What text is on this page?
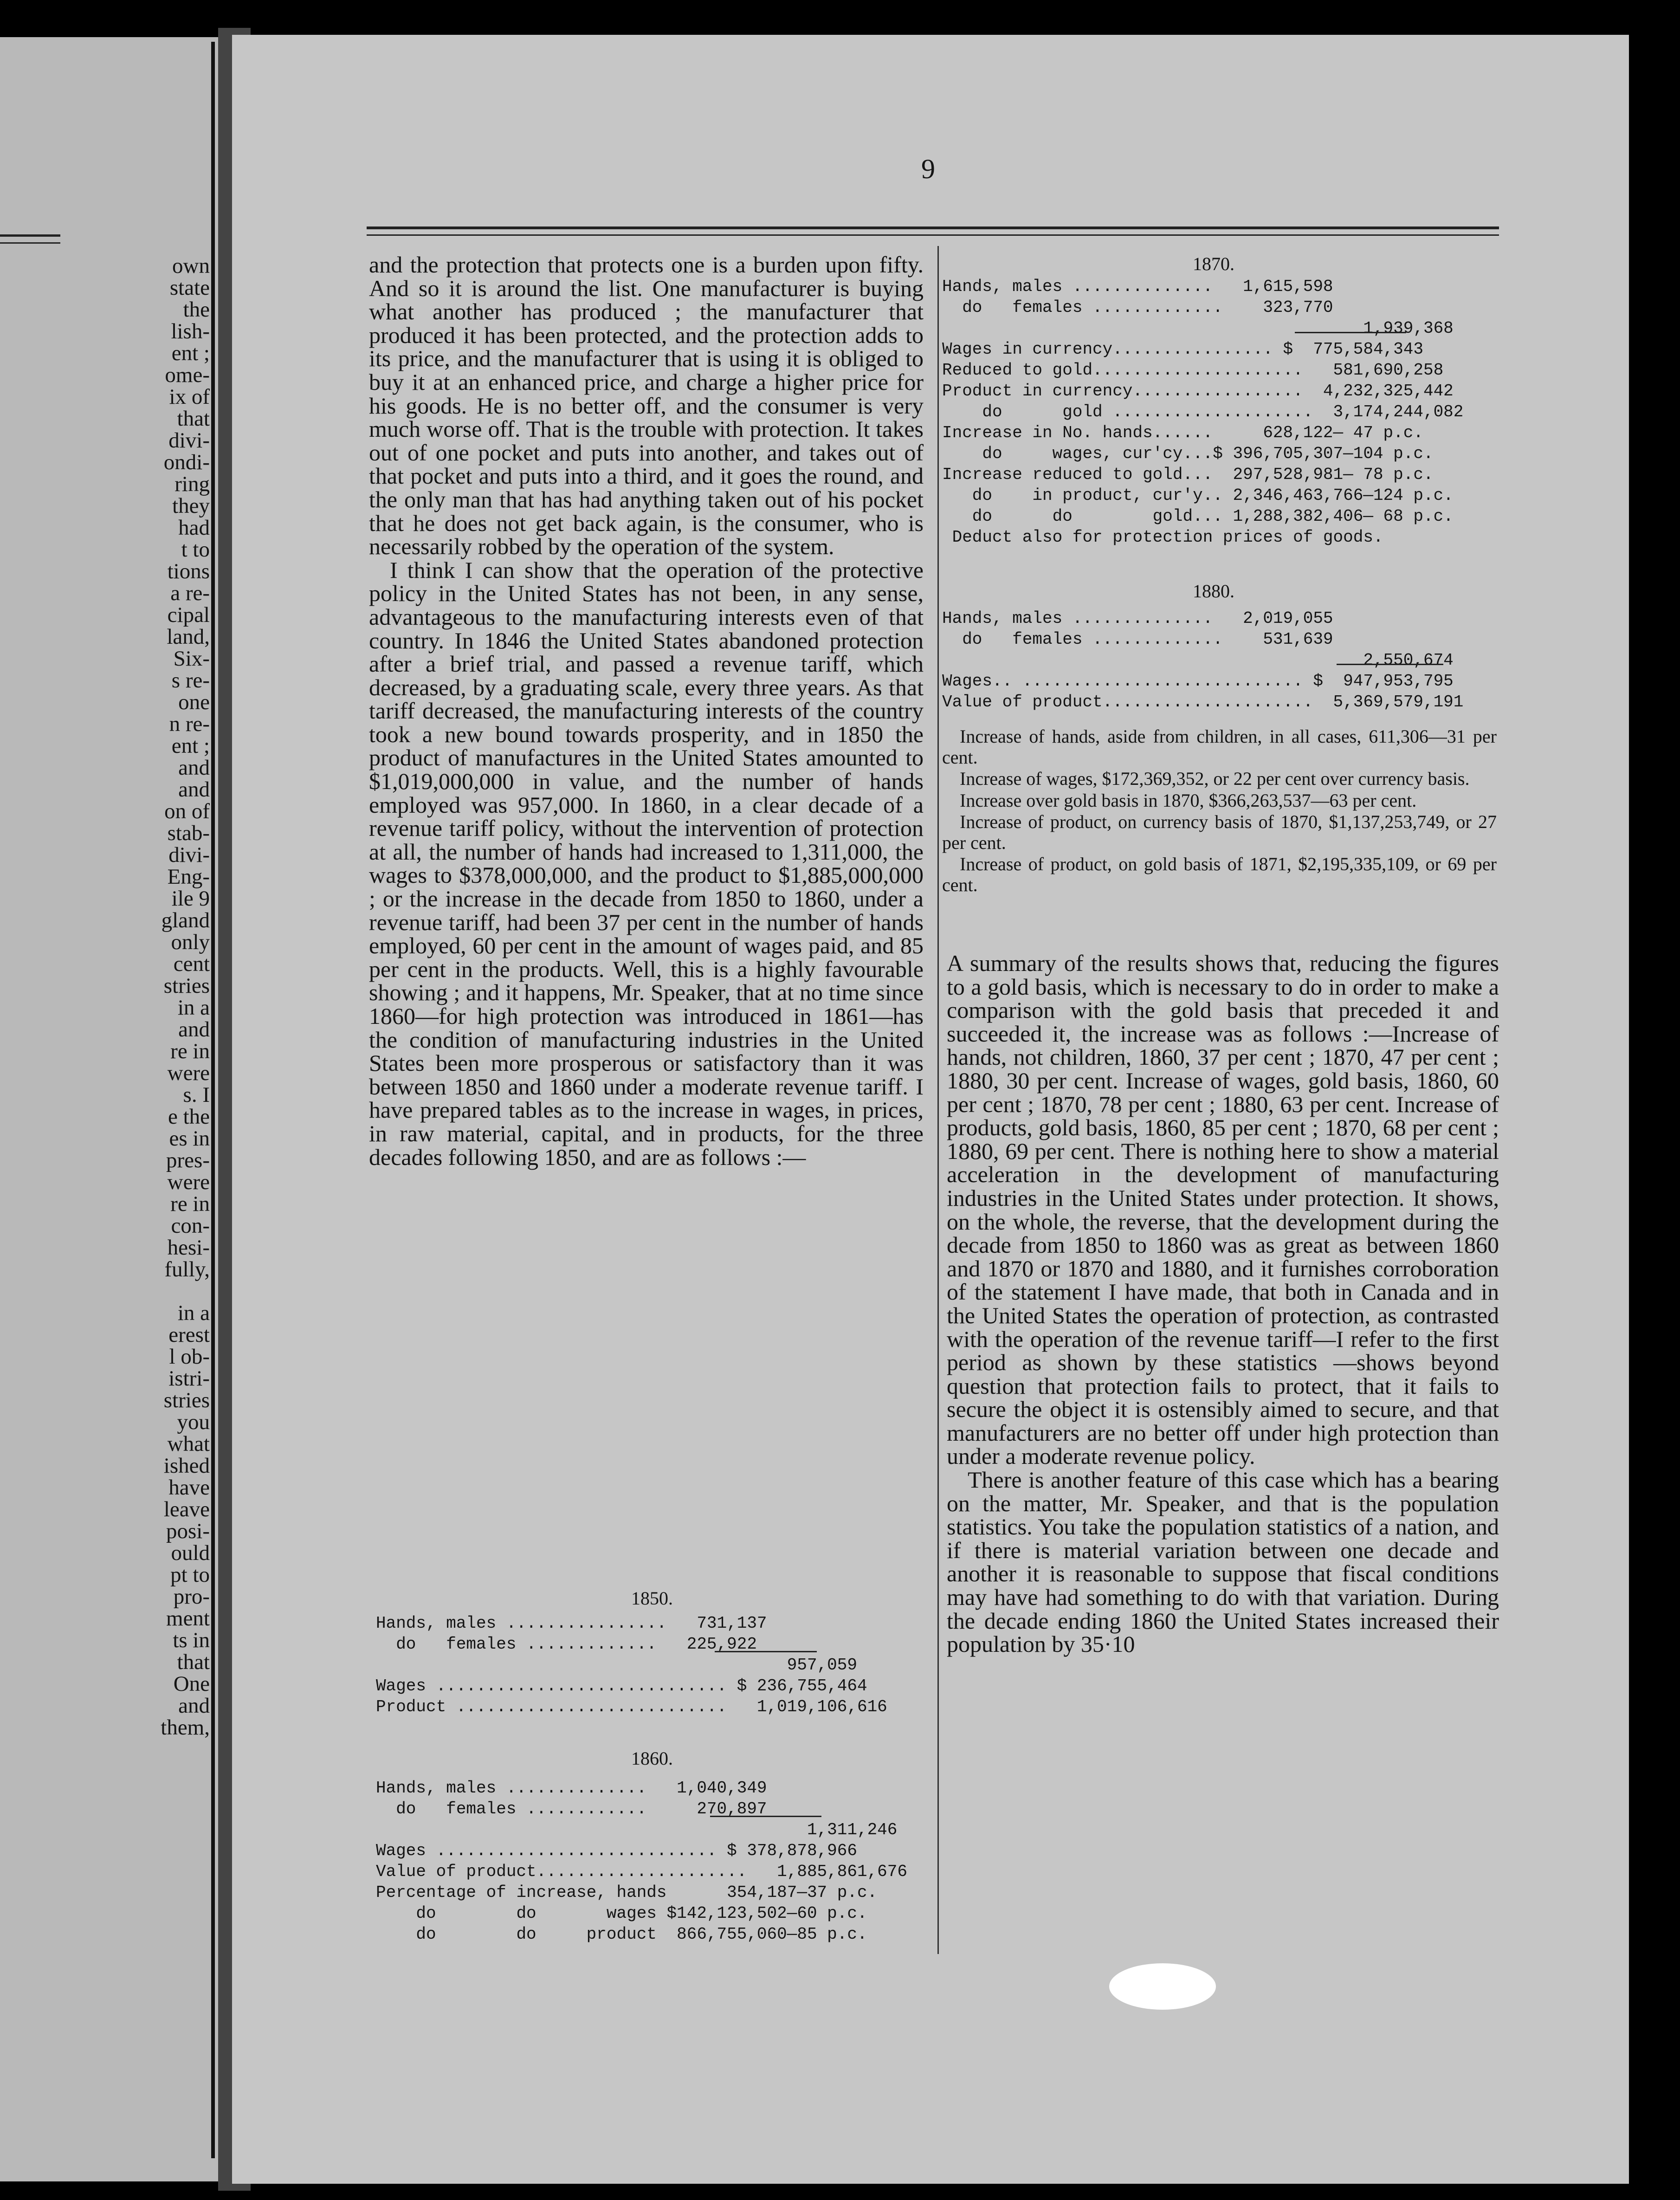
own
state
the
lish-
ent ;
ome-
ix of
that
divi-
ondi-
ring
they
had
t to
tions
a re-
cipal
land,
Six-
s re-
one
n re-
ent ;
and
and
on of
stab-
divi-
Eng-
ile 9
gland
only
cent
stries
in a
and
re in
were
s. I
e the
es in
pres-
were
re in
con-
hesi-
fully,

in a
erest
l ob-
istri-
stries
you
what
ished
have
leave
posi-
ould
pt to
pro-
ment
ts in
that
One
and
them,
9

and the protection that protects one is a burden upon fifty. And so it is around the list. One manufacturer is buying what another has produced ; the manufacturer that produced it has been protected, and the protection adds to its price, and the manufacturer that is using it is obliged to buy it at an enhanced price, and charge a higher price for his goods. He is no better off, and the consumer is very much worse off. That is the trouble with protection. It takes out of one pocket and puts into another, and takes out of that pocket and puts into a third, and it goes the round, and the only man that has had anything taken out of his pocket that he does not get back again, is the consumer, who is necessarily robbed by the operation of the system.

I think I can show that the operation of the protective policy in the United States has not been, in any sense, advantageous to the manufacturing interests even of that country. In 1846 the United States abandoned protection after a brief trial, and passed a revenue tariff, which decreased, by a graduating scale, every three years. As that tariff decreased, the manufacturing interests of the country took a new bound towards prosperity, and in 1850 the product of manufactures in the United States amounted to $1,019,000,000 in value, and the number of hands employed was 957,000. In 1860, in a clear decade of a revenue tariff policy, without the intervention of protection at all, the number of hands had increased to 1,311,000, the wages to $378,000,000, and the product to $1,885,000,000 ; or the increase in the decade from 1850 to 1860, under a revenue tariff, had been 37 per cent in the number of hands employed, 60 per cent in the amount of wages paid, and 85 per cent in the products. Well, this is a highly favourable showing ; and it happens, Mr. Speaker, that at no time since 1860—for high protection was introduced in 1861—has the condition of manufacturing industries in the United States been more prosperous or satisfactory than it was between 1850 and 1860 under a moderate revenue tariff. I have prepared tables as to the increase in wages, in prices, in raw material, capital, and in products, for the three decades following 1850, and are as follows :—

1850.
Hands, males ................   731,137
do   females .............   225,922
957,059
Wages ............................. $ 236,755,464
Product ...........................   1,019,106,616
1860.
Hands, males ..............   1,040,349
do   females ............     270,897
1,311,246
Wages ............................ $ 378,878,966
Value of product.....................   1,885,861,676
Percentage of increase, hands      354,187—37 p.c.
do        do       wages $142,123,502—60 p.c.
do        do     product  866,755,060—85 p.c.
1870.
Hands, males ..............   1,615,598
do   females .............    323,770
1,939,368
Wages in currency................ $  775,584,343
Reduced to gold.....................   581,690,258
Product in currency.................  4,232,325,442
do      gold ....................  3,174,244,082
Increase in No. hands......     628,122— 47 p.c.
do     wages, cur'cy...$ 396,705,307—104 p.c.
Increase reduced to gold...  297,528,981— 78 p.c.
do    in product, cur'y.. 2,346,463,766—124 p.c.
do      do        gold... 1,288,382,406— 68 p.c.
Deduct also for protection prices of goods.
1880.
Hands, males ..............   2,019,055
do   females .............    531,639
2,550,674
Wages.. ............................ $  947,953,795
Value of product.....................  5,369,579,191

Increase of hands, aside from children, in all cases, 611,306—31 per cent.

Increase of wages, $172,369,352, or 22 per cent over currency basis.

Increase over gold basis in 1870, $366,263,537—63 per cent.

Increase of product, on currency basis of 1870, $1,137,253,749, or 27 per cent.

Increase of product, on gold basis of 1871, $2,195,335,109, or 69 per cent.

A summary of the results shows that, reducing the figures to a gold basis, which is necessary to do in order to make a comparison with the gold basis that preceded it and succeeded it, the increase was as follows :—Increase of hands, not children, 1860, 37 per cent ; 1870, 47 per cent ; 1880, 30 per cent. Increase of wages, gold basis, 1860, 60 per cent ; 1870, 78 per cent ; 1880, 63 per cent. Increase of products, gold basis, 1860, 85 per cent ; 1870, 68 per cent ; 1880, 69 per cent. There is nothing here to show a material acceleration in the development of manufacturing industries in the United States under protection. It shows, on the whole, the reverse, that the development during the decade from 1850 to 1860 was as great as between 1860 and 1870 or 1870 and 1880, and it furnishes corroboration of the statement I have made, that both in Canada and in the United States the operation of protection, as contrasted with the operation of the revenue tariff—I refer to the first period as shown by these statistics —shows beyond question that protection fails to protect, that it fails to secure the object it is ostensibly aimed to secure, and that manufacturers are no better off under high protection than under a moderate revenue policy.

There is another feature of this case which has a bearing on the matter, Mr. Speaker, and that is the population statistics. You take the population statistics of a nation, and if there is material variation between one decade and another it is reasonable to suppose that fiscal conditions may have had something to do with that variation. During the decade ending 1860 the United States increased their population by 35·10
